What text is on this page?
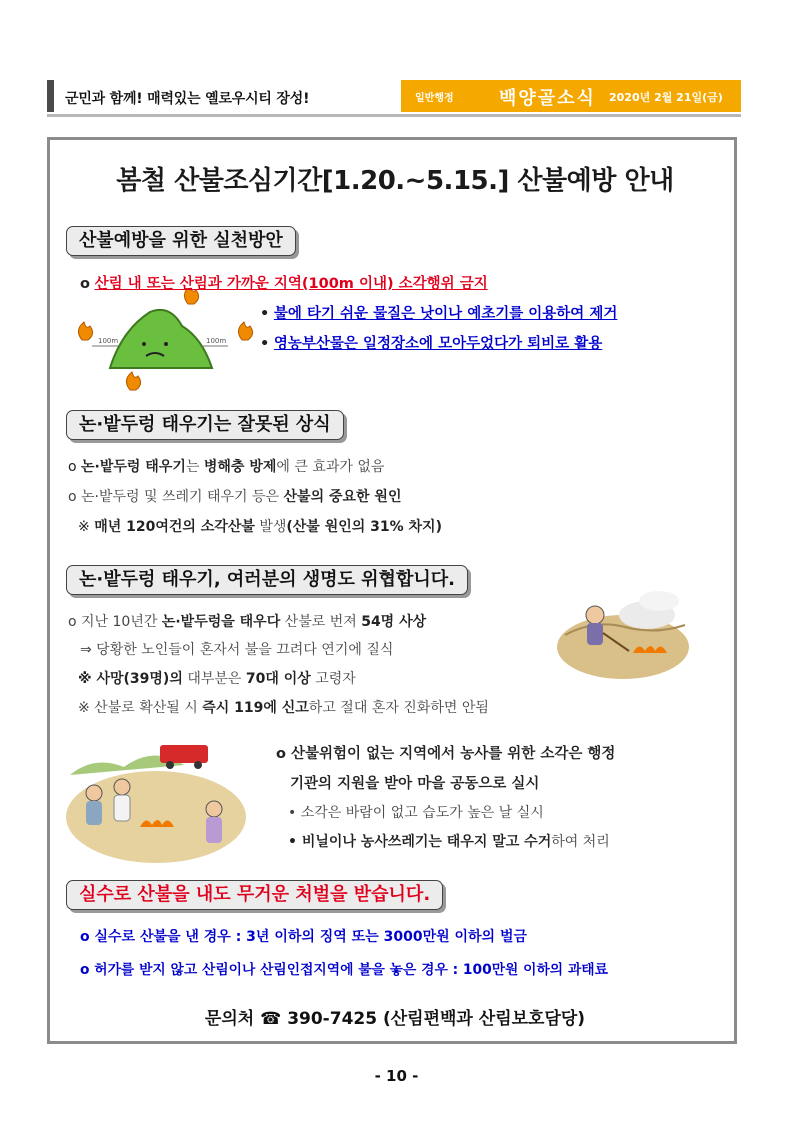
군민과 함께! 매력있는 옐로우시티 장성!	일반행정	백양골소식 2020년 2월 21일(금)
봄철 산불조심기간[1.20.~5.15.] 산불예방 안내
산불예방을 위한 실천방안
o 산림 내 또는 산림과 가까운 지역(100m 이내) 소각행위 금지
100m	100m
• 불에 타기 쉬운 물질은 낫이나 예초기를 이용하여 제거
• 영농부산물은 일정장소에 모아두었다가 퇴비로 활용
논·밭두렁 태우기는 잘못된 상식
o 논·밭두렁 태우기는 병해충 방제에 큰 효과가 없음
o 논·밭두렁 및 쓰레기 태우기 등은 산불의 중요한 원인
※ 매년 120여건의 소각산불 발생(산불 원인의 31% 차지)
논·밭두렁 태우기, 여러분의 생명도 위협합니다.
o 지난 10년간 논·밭두렁을 태우다 산불로 번져 54명 사상
⇒ 당황한 노인들이 혼자서 불을 끄려다 연기에 질식
※ 사망(39명)의 대부분은 70대 이상 고령자
※ 산불로 확산될 시 즉시 119에 신고하고 절대 혼자 진화하면 안됨
o 산불위험이 없는 지역에서 농사를 위한 소각은 행정
기관의 지원을 받아 마을 공동으로 실시
• 소각은 바람이 없고 습도가 높은 날 실시
• 비닐이나 농사쓰레기는 태우지 말고 수거하여 처리
실수로 산불을 내도 무거운 처벌을 받습니다.
o 실수로 산불을 낸 경우 : 3년 이하의 징역 또는 3000만원 이하의 벌금
o 허가를 받지 않고 산림이나 산림인접지역에 불을 놓은 경우 : 100만원 이하의 과태료
문의처 ☎ 390-7425 (산림편백과 산림보호담당)
- 10 -
